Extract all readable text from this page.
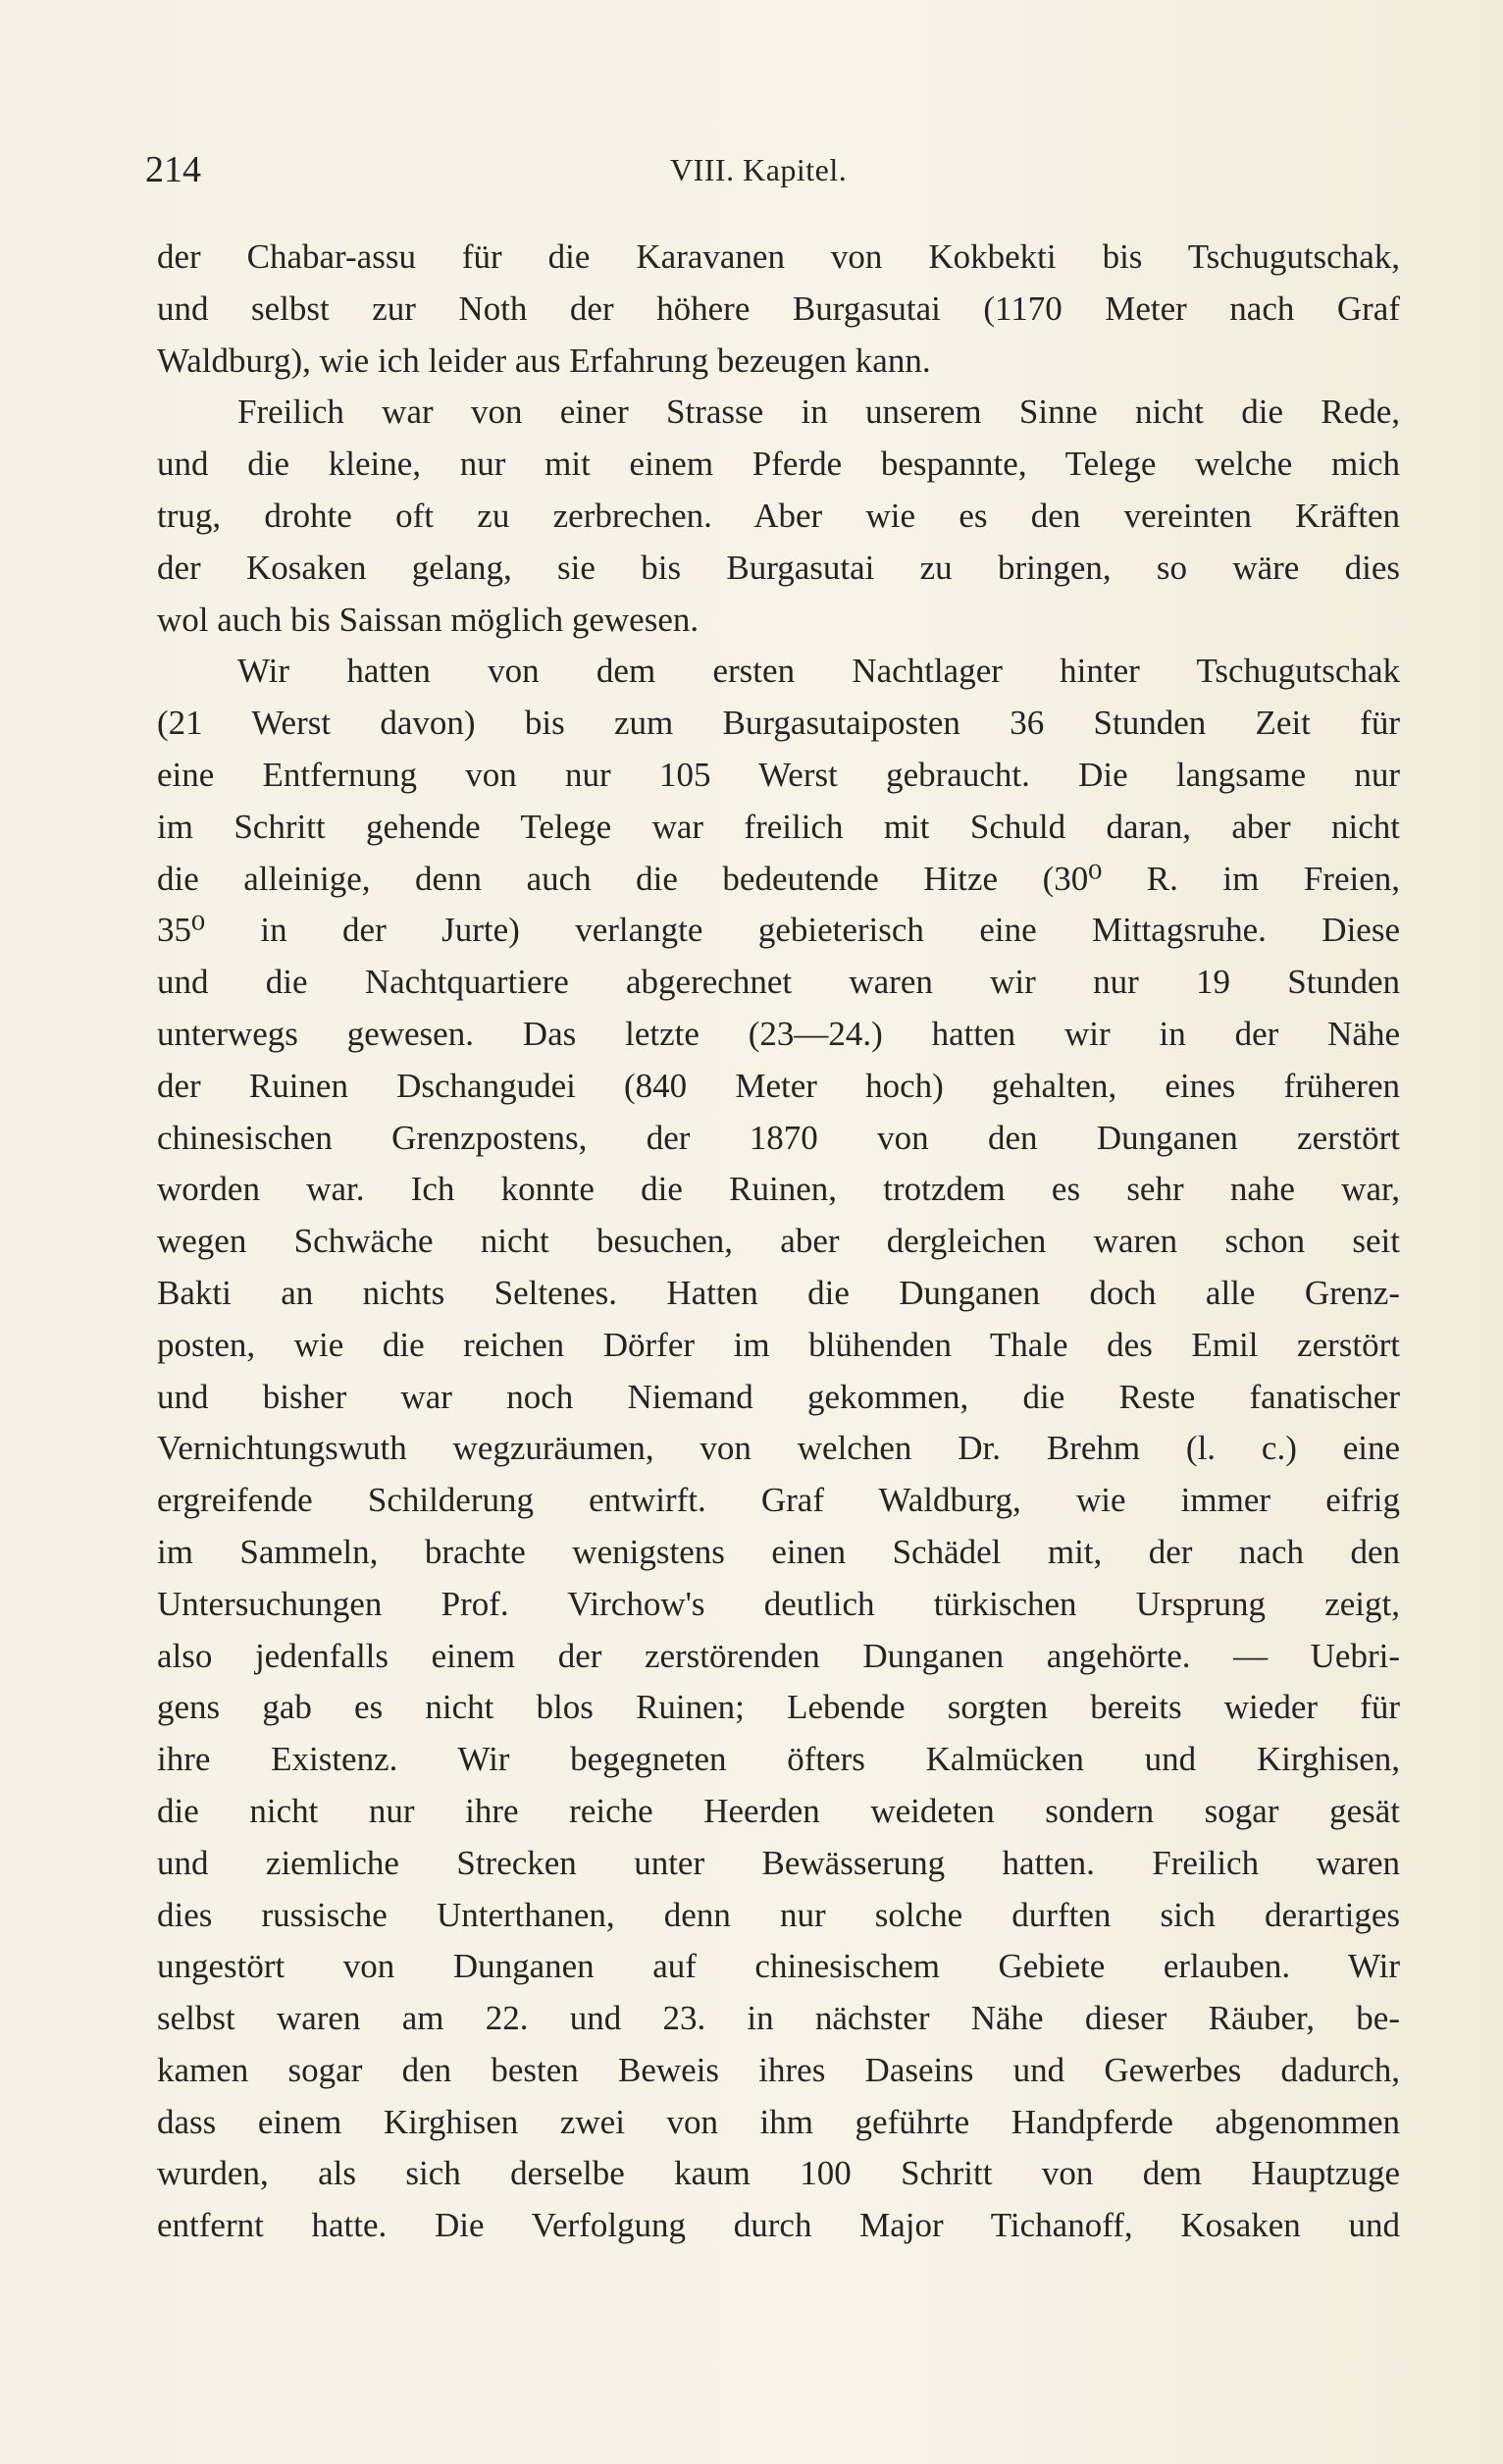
214	VIII. Kapitel.
der Chabar-assu für die Karavanen von Kokbekti bis Tschugutschak,
und selbst zur Noth der höhere Burgasutai (1170 Meter nach Graf
Waldburg), wie ich leider aus Erfahrung bezeugen kann.
Freilich war von einer Strasse in unserem Sinne nicht die Rede,
und die kleine, nur mit einem Pferde bespannte, Telege welche mich
trug, drohte oft zu zerbrechen. Aber wie es den vereinten Kräften
der Kosaken gelang, sie bis Burgasutai zu bringen, so wäre dies
wol auch bis Saissan möglich gewesen.
Wir hatten von dem ersten Nachtlager hinter Tschugutschak
(21 Werst davon) bis zum Burgasutaiposten 36 Stunden Zeit für
eine Entfernung von nur 105 Werst gebraucht. Die langsame nur
im Schritt gehende Telege war freilich mit Schuld daran, aber nicht
die alleinige, denn auch die bedeutende Hitze (30⁰ R. im Freien,
35⁰ in der Jurte) verlangte gebieterisch eine Mittagsruhe. Diese
und die Nachtquartiere abgerechnet waren wir nur 19 Stunden
unterwegs gewesen. Das letzte (23—24.) hatten wir in der Nähe
der Ruinen Dschangudei (840 Meter hoch) gehalten, eines früheren
chinesischen Grenzpostens, der 1870 von den Dunganen zerstört
worden war. Ich konnte die Ruinen, trotzdem es sehr nahe war,
wegen Schwäche nicht besuchen, aber dergleichen waren schon seit
Bakti an nichts Seltenes. Hatten die Dunganen doch alle Grenz-
posten, wie die reichen Dörfer im blühenden Thale des Emil zerstört
und bisher war noch Niemand gekommen, die Reste fanatischer
Vernichtungswuth wegzuräumen, von welchen Dr. Brehm (l. c.) eine
ergreifende Schilderung entwirft. Graf Waldburg, wie immer eifrig
im Sammeln, brachte wenigstens einen Schädel mit, der nach den
Untersuchungen Prof. Virchow's deutlich türkischen Ursprung zeigt,
also jedenfalls einem der zerstörenden Dunganen angehörte. — Uebri-
gens gab es nicht blos Ruinen; Lebende sorgten bereits wieder für
ihre Existenz. Wir begegneten öfters Kalmücken und Kirghisen,
die nicht nur ihre reiche Heerden weideten sondern sogar gesät
und ziemliche Strecken unter Bewässerung hatten. Freilich waren
dies russische Unterthanen, denn nur solche durften sich derartiges
ungestört von Dunganen auf chinesischem Gebiete erlauben. Wir
selbst waren am 22. und 23. in nächster Nähe dieser Räuber, be-
kamen sogar den besten Beweis ihres Daseins und Gewerbes dadurch,
dass einem Kirghisen zwei von ihm geführte Handpferde abgenommen
wurden, als sich derselbe kaum 100 Schritt von dem Hauptzuge
entfernt hatte. Die Verfolgung durch Major Tichanoff, Kosaken und
